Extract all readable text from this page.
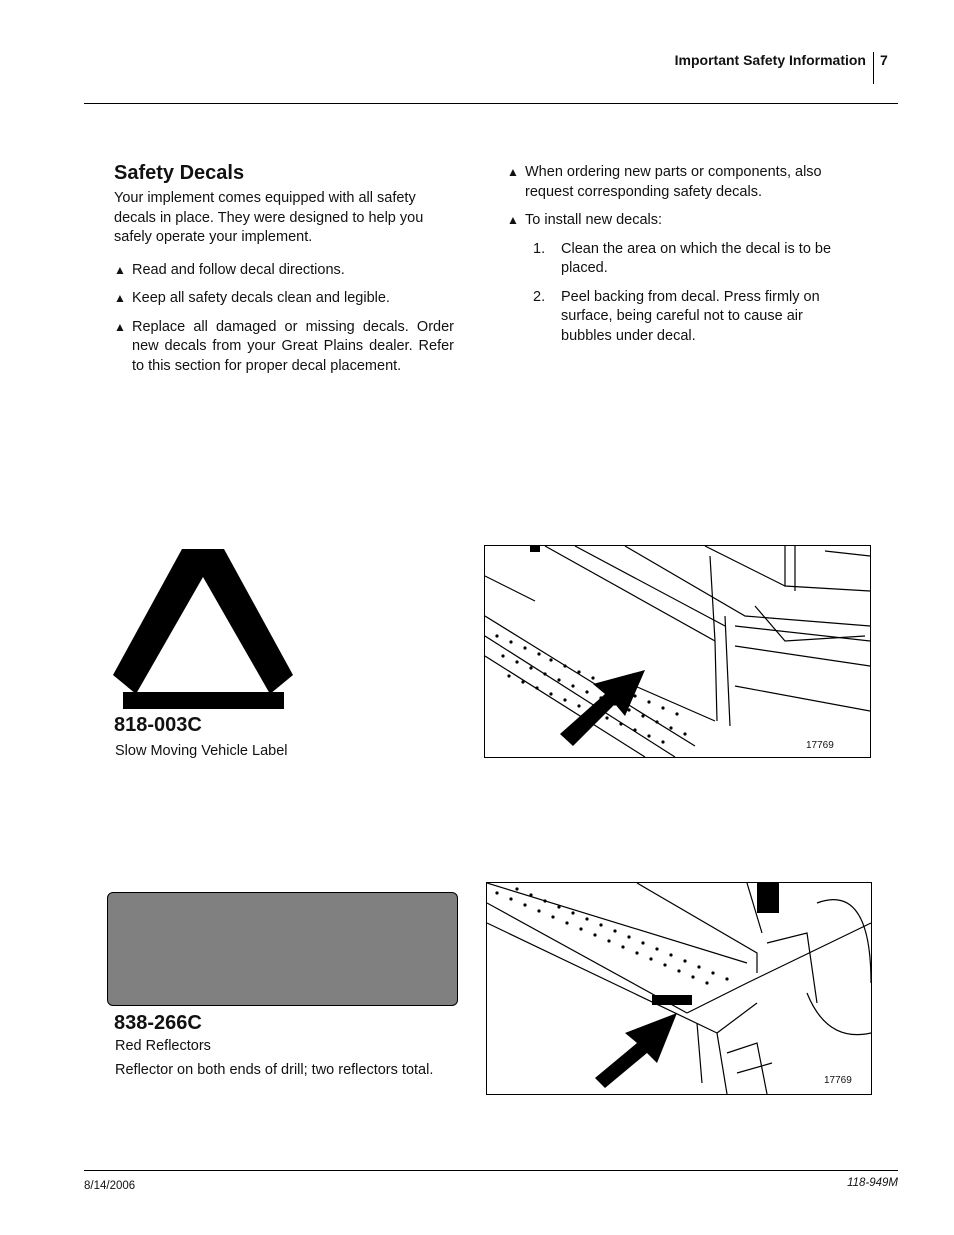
Important Safety Information 7
Safety Decals
Your implement comes equipped with all safety decals in place. They were designed to help you safely operate your implement.
▲ Read and follow decal directions.
▲ Keep all safety decals clean and legible.
▲ Replace all damaged or missing decals. Order new decals from your Great Plains dealer. Refer to this section for proper decal placement.
▲ When ordering new parts or components, also request corresponding safety decals.
▲ To install new decals:
1. Clean the area on which the decal is to be placed.
2. Peel backing from decal. Press firmly on surface, being careful not to cause air bubbles under decal.
818-003C
Slow Moving Vehicle Label	17769
838-266C
Red Reflectors
Reflector on both ends of drill; two reflectors total.
17769
8/14/2006	118-949M
